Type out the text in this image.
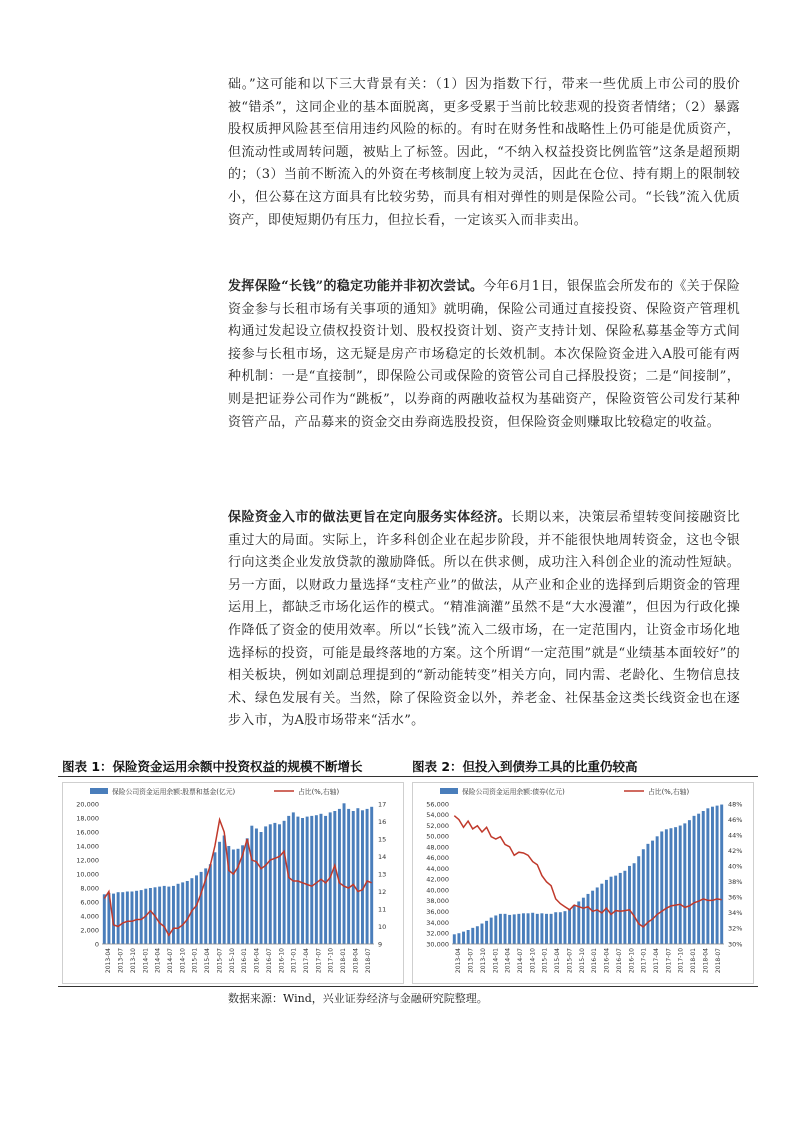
础。”这可能和以下三大背景有关：（1）因为指数下行，带来一些优质上市公司的股价被“错杀”，这同企业的基本面脱离，更多受累于当前比较悲观的投资者情绪；（2）暴露股权质押风险甚至信用违约风险的标的。有时在财务性和战略性上仍可能是优质资产，但流动性或周转问题，被贴上了标签。因此，“不纳入权益投资比例监管”这条是超预期的；（3）当前不断流入的外资在考核制度上较为灵活，因此在仓位、持有期上的限制较小，但公募在这方面具有比较劣势，而具有相对弹性的则是保险公司。“长钱”流入优质资产，即使短期仍有压力，但拉长看，一定该买入而非卖出。
发挥保险“长钱”的稳定功能并非初次尝试。今年6月1日，银保监会所发布的《关于保险资金参与长租市场有关事项的通知》就明确，保险公司通过直接投资、保险资产管理机构通过发起设立债权投资计划、股权投资计划、资产支持计划、保险私募基金等方式间接参与长租市场，这无疑是房产市场稳定的长效机制。本次保险资金进入A股可能有两种机制：一是“直接制”，即保险公司或保险的资管公司自己择股投资；二是“间接制”，则是把证券公司作为“跳板”，以券商的两融收益权为基础资产，保险资管公司发行某种资管产品，产品募来的资金交由券商选股投资，但保险资金则赚取比较稳定的收益。
保险资金入市的做法更旨在定向服务实体经济。长期以来，决策层希望转变间接融资比重过大的局面。实际上，许多科创企业在起步阶段，并不能很快地周转资金，这也令银行向这类企业发放贷款的激励降低。所以在供求侧，成功注入科创企业的流动性短缺。另一方面，以财政力量选择“支柱产业”的做法，从产业和企业的选择到后期资金的管理运用上，都缺乏市场化运作的模式。“精准滴灌”虽然不是“大水漫灌”，但因为行政化操作降低了资金的使用效率。所以“长钱”流入二级市场，在一定范围内，让资金市场化地选择标的投资，可能是最终落地的方案。这个所谓“一定范围”就是“业绩基本面较好”的相关板块，例如刘副总理提到的“新动能转变”相关方向，同内需、老龄化、生物信息技术、绿色发展有关。当然，除了保险资金以外，养老金、社保基金这类长线资金也在逐步入市，为A股市场带来“活水”。
图表 1：保险资金运用余额中投资权益的规模不断增长	图表 2：但投入到债券工具的比重仍较高
保险公司资金运用余额:股票和基金(亿元)	占比(%,右轴)
0
2,000
4,000
6,000
8,000
10,000
12,000
14,000
16,000
18,000
20,000
9
10
11
12
13
14
15
16
17
2013-04 2013-07 2013-10 2014-01 2014-04 2014-07 2014-10 2015-01 2015-04 2015-07 2015-10 2016-01 2016-04 2016-07 2016-10 2017-01 2017-04 2017-07 2017-10 2018-01 2018-04 2018-07
保险公司资金运用余额:债券(亿元)	占比(%,右轴)
30,000
32,000
34,000
36,000
38,000
40,000
42,000
44,000
46,000
48,000
50,000
52,000
54,000
56,000
30%
32%
34%
36%
38%
40%
42%
44%
46%
48%
2013-04 2013-07 2013-10 2014-01 2014-04 2014-07 2014-10 2015-01 2015-04 2015-07 2015-10 2016-01 2016-04 2016-07 2016-10 2017-01 2017-04 2017-07 2017-10 2018-01 2018-04 2018-07
数据来源：Wind，兴业证券经济与金融研究院整理。
